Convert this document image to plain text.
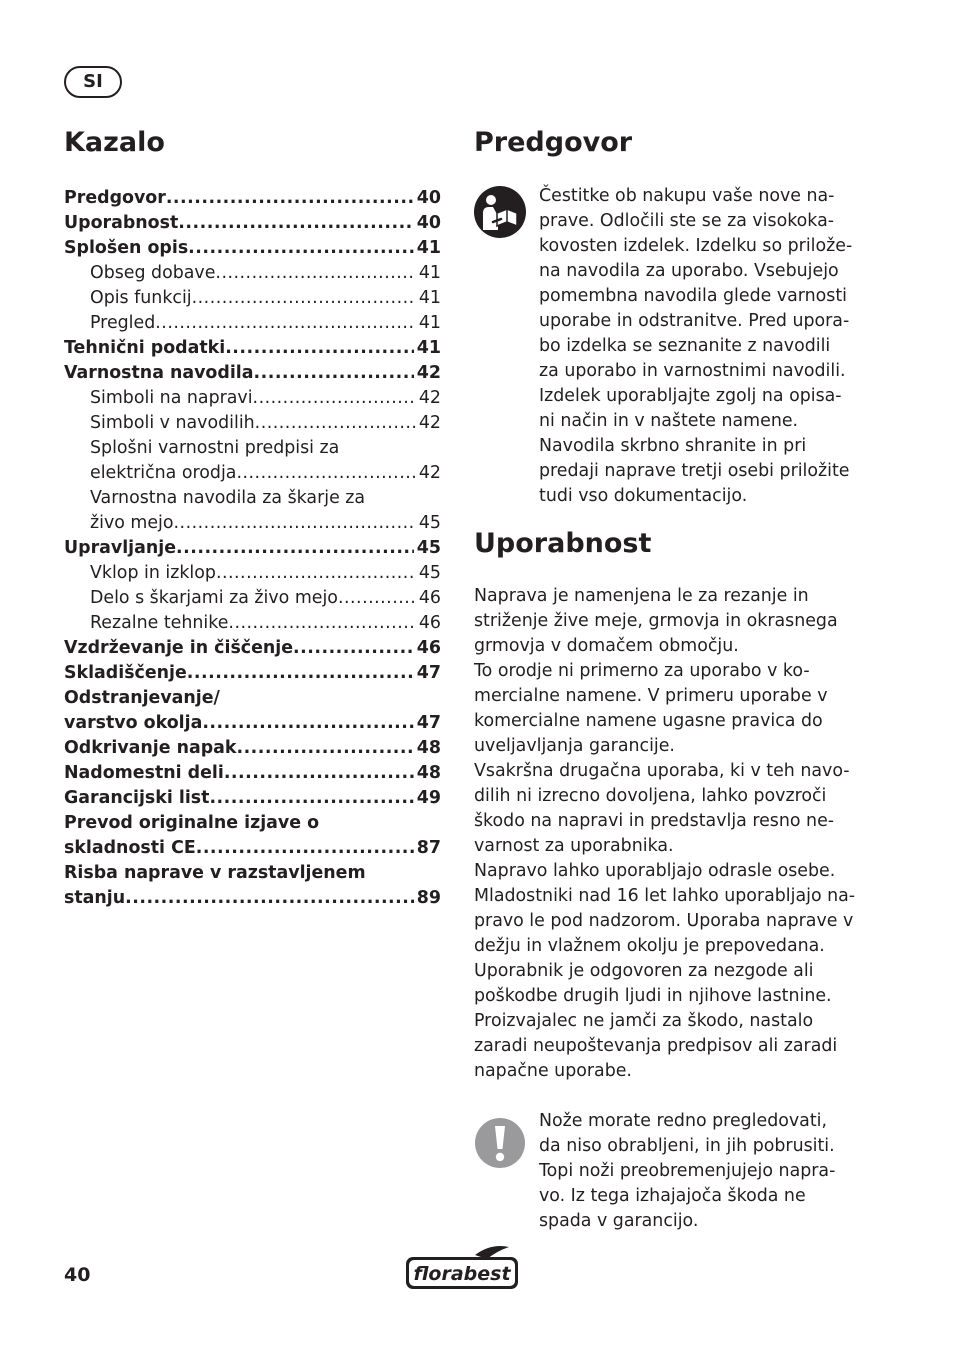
SI
Kazalo
Predgovor .....	40
Uporabnost .....	40
Splošen opis .....	41
Obseg dobave .....	41
Opis funkcij .....	41
Pregled .....	41
Tehnični podatki .....	41
Varnostna navodila .....	42
Simboli na napravi .....	42
Simboli v navodilih .....	42
Splošni varnostni predpisi za
električna orodja .....	42
Varnostna navodila za škarje za
živo mejo .....	45
Upravljanje .....	45
Vklop in izklop .....	45
Delo s škarjami za živo mejo .....	46
Rezalne tehnike .....	46
Vzdrževanje in čiščenje .....	46
Skladiščenje .....	47
Odstranjevanje/
varstvo okolja .....	47
Odkrivanje napak .....	48
Nadomestni deli .....	48
Garancijski list .....	49
Prevod originalne izjave o
skladnosti CE .....	87
Risba naprave v razstavljenem
stanju .....	89
Predgovor
Čestitke ob nakupu vaše nove na-
prave. Odločili ste se za visokoka-
kovosten izdelek. Izdelku so prilože-
na navodila za uporabo. Vsebujejo
pomembna navodila glede varnosti
uporabe in odstranitve. Pred upora-
bo izdelka se seznanite z navodili
za uporabo in varnostnimi navodili.
Izdelek uporabljajte zgolj na opisa-
ni način in v naštete namene.
Navodila skrbno shranite in pri
predaji naprave tretji osebi priložite
tudi vso dokumentacijo.
Uporabnost
Naprava je namenjena le za rezanje in
striženje žive meje, grmovja in okrasnega
grmovja v domačem območju.
To orodje ni primerno za uporabo v ko-
mercialne namene. V primeru uporabe v
komercialne namene ugasne pravica do
uveljavljanja garancije.
Vsakršna drugačna uporaba, ki v teh navo-
dilih ni izrecno dovoljena, lahko povzroči
škodo na napravi in predstavlja resno ne-
varnost za uporabnika.
Napravo lahko uporabljajo odrasle osebe.
Mladostniki nad 16 let lahko uporabljajo na-
pravo le pod nadzorom. Uporaba naprave v
dežju in vlažnem okolju je prepovedana.
Uporabnik je odgovoren za nezgode ali
poškodbe drugih ljudi in njihove lastnine.
Proizvajalec ne jamči za škodo, nastalo
zaradi neupoštevanja predpisov ali zaradi
napačne uporabe.
Nože morate redno pregledovati,
da niso obrabljeni, in jih pobrusiti.
Topi noži preobremenjujejo napra-
vo. Iz tega izhajajoča škoda ne
spada v garancijo.
40	florabest
